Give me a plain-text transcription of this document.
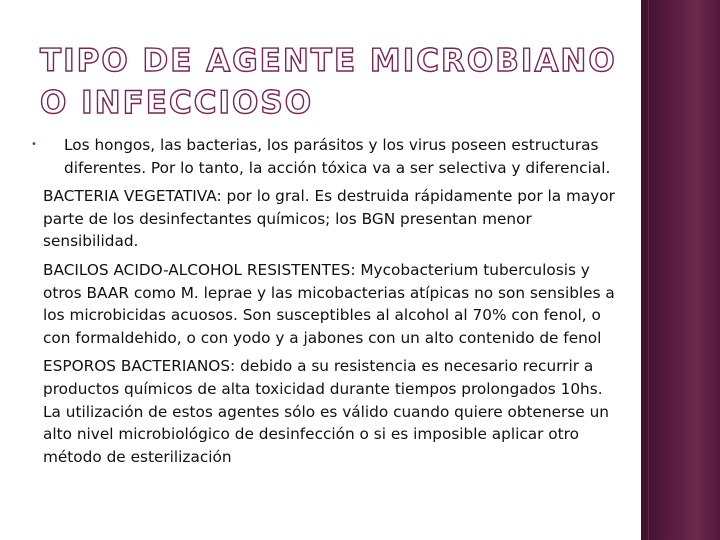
TIPO DE AGENTE MICROBIANO O INFECCIOSO
• Los hongos, las bacterias, los parásitos y los virus poseen estructuras diferentes. Por lo tanto, la acción tóxica va a ser selectiva y diferencial.

BACTERIA VEGETATIVA: por lo gral. Es destruida rápidamente por la mayor parte de los desinfectantes químicos; los BGN presentan menor sensibilidad.

BACILOS ACIDO-ALCOHOL RESISTENTES: Mycobacterium tuberculosis y otros BAAR como M. leprae y las micobacterias atípicas no son sensibles a los microbicidas acuosos. Son susceptibles al alcohol al 70% con fenol, o con formaldehido, o con yodo y a jabones con un alto contenido de fenol

ESPOROS BACTERIANOS: debido a su resistencia es necesario recurrir a productos químicos de alta toxicidad durante tiempos prolongados 10hs. La utilización de estos agentes sólo es válido cuando quiere obtenerse un alto nivel microbiológico de desinfección o si es imposible aplicar otro método de esterilización
